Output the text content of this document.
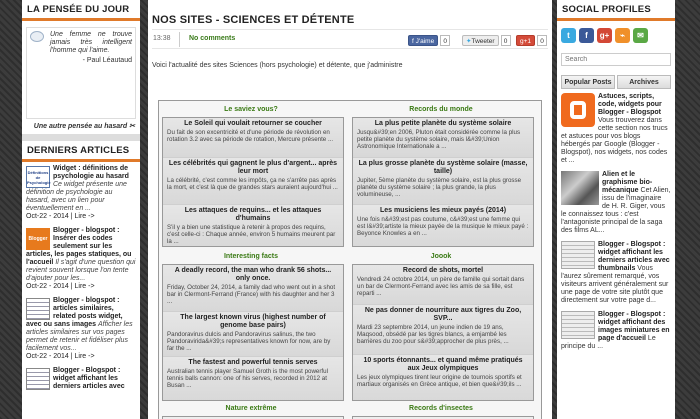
LA PENSÉE DU JOUR
Une femme ne trouve jamais très intelligent l'homme qui l'aime.
- Paul Léautaud
Une autre pensée au hasard ✂
DERNIERS ARTICLES
Définitions de Psychologie
Widget : définitions de psychologie au hasard Ce widget présente une définition de psychologie au hasard, avec un lien pour éventuellement en ...
Oct-22 - 2014 | Lire ->
Blogger
Blogger - blogspot : Insérer des codes seulement sur les articles, les pages statiques, ou l'accueil Il s'agit d'une question qui revient souvent lorsque l'on tente d'ajouter pour les...
Oct-22 - 2014 | Lire ->
Blogger - blogspot : articles similaires, related posts widget, avec ou sans images Afficher les articles similaires sur vos pages permet de retenir et fidéliser plus facilement vos...
Oct-22 - 2014 | Lire ->
Blogger - Blogspot : widget affichant les derniers articles avec
NOS SITES - SCIENCES ET DÉTENTE
13:38	No comments	f J'aime 0	✦Tweeter 0	g+1 0
Voici l'actualité des sites Sciences (hors psychologie) et détente, que j'administre
Le saviez vous?	Records du monde
Le Soleil qui voulait retourner se coucher
Du fait de son excentricité et d'une période de révolution en rotation 3.2 avec sa période de rotation, Mercure présente ...
Les célébrités qui gagnent le plus d'argent... après leur mort
La célébrité, c'est comme les impôts, ça ne s'arrête pas après la mort, et c'est là que de grandes stars auraient aujourd'hui ...
Les attaques de requins... et les attaques d'humains
S'il y a bien une statistique à retenir à propos des requins, c'est celle-ci : Chaque année, environ 5 humains meurent par la ...
La plus petite planète du système solaire
Jusqu&#39;en 2006, Pluton était considérée comme la plus petite planète du système solaire, mais l&#39;Union Astronomique Internationale a ...
La plus grosse planète du système solaire (masse, taille)
Jupiter, 5ème planète du système solaire, est la plus grosse planète du système solaire ; la plus grande, la plus volumineuse, ...
Les musiciens les mieux payés (2014)
Une fois n&#39;est pas coutume, c&#39;est une femme qui est l&#39;artiste la mieux payée de la musique le mieux payé : Beyonce Knowles a en ...
Interesting facts	Joook
A deadly record, the man who drank 56 shots... only once.
Friday, October 24, 2014, a family dad who went out in a shot bar in Clermont-Ferrand (France) with his daughter and her 3 ...
The largest known virus (highest number of genome base pairs)
Pandoravirus dulcis and Pandoravirus salinus, the two Pandoravirida&#39;s representatives known for now, are by far the ...
The fastest and powerful tennis serves
Australian tennis player Samuel Groth is the most powerful tennis balls cannon: one of his serves, recorded in 2012 at Busan ...
Record de shots, mortel
Vendredi 24 octobre 2014, un père de famille qui sortait dans un bar de Clermont-Ferrand avec les amis de sa fille, est reparti ...
Ne pas donner de nourriture aux tigres du Zoo, SVP...
Mardi 23 septembre 2014, un jeune indien de 19 ans, Maqsood, obsédé par les tigres blancs, a emjambé les barrières du zoo pour s&#39;approcher de plus près, ...
10 sports étonnants... et quand même pratiqués aux Jeux olympiques
Les jeux olympiques tirent leur origine de tournois sportifs et martiaux organisés en Grèce antique, et bien que&#39;ils ...
Nature extrême	Records d'insectes
SOCIAL PROFILES
t	f	g+	⌁	✉
Search
Popular Posts	Archives
Astuces, scripts, code, widgets pour Blogger - Blogspot Vous trouverez dans cette section nos trucs et astuces pour vos blogs hébergés par Google (Blogger - Blogspot), nos widgets, nos codes et ...
Alien et le graphisme bio-mécanique Cet Alien, issu de l'imaginaire de H. R. Giger, vous le connaissez tous : c'est l'antagoniste principal de la saga des films AL...
Blogger - Blogspot : widget affichant les derniers articles avec thumbnails Vous l'aurez sûrement remarqué, vos visiteurs arrivent généralement sur une page de votre site plutôt que directement sur votre page d...
Blogger - Blogspot : widget affichant des images miniatures en page d'accueil Le principe du ...
